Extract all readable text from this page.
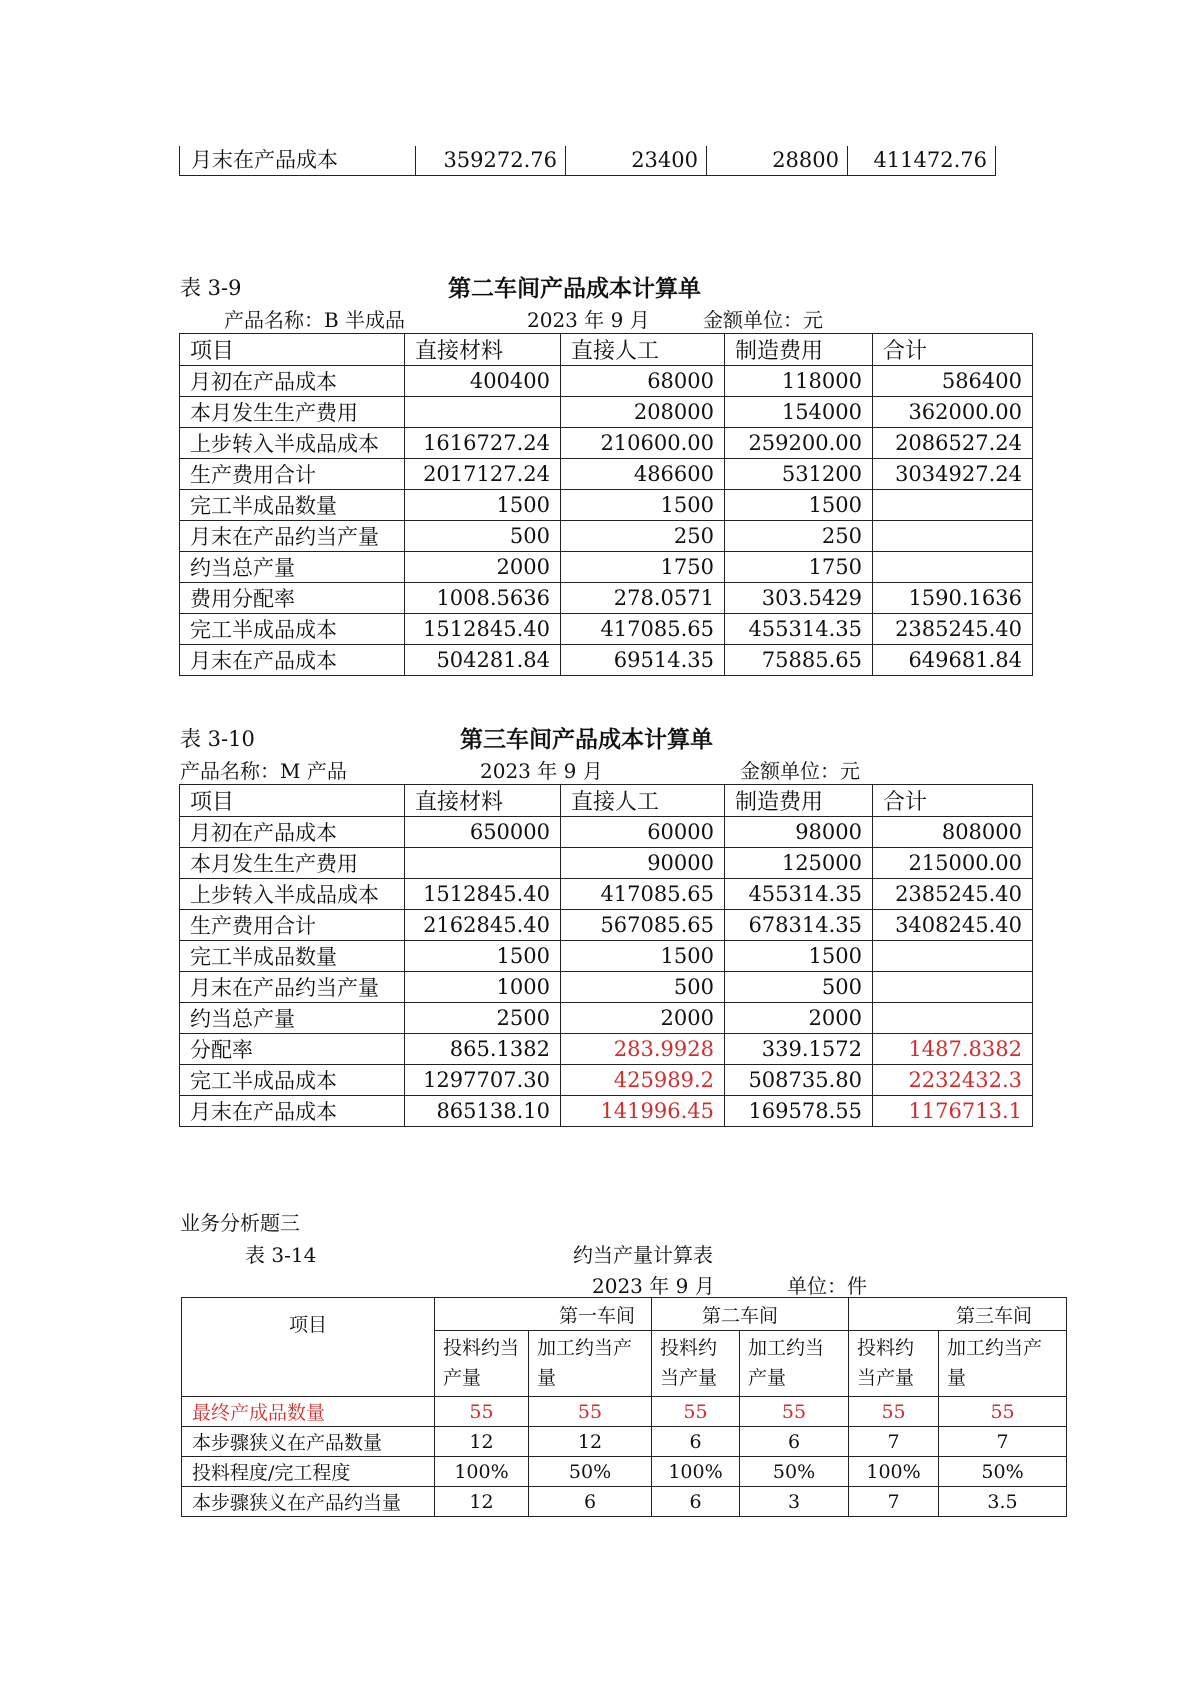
月末在产品成本	359272.76	23400	28800	411472.76
表 3-9	第二车间产品成本计算单
产品名称：B 半成品	2023 年 9 月	金额单位：元
项目	直接材料	直接人工	制造费用	合计
月初在产品成本	400400	68000	118000	586400
本月发生生产费用		208000	154000	362000.00
上步转入半成品成本	1616727.24	210600.00	259200.00	2086527.24
生产费用合计	2017127.24	486600	531200	3034927.24
完工半成品数量	1500	1500	1500	
月末在产品约当产量	500	250	250	
约当总产量	2000	1750	1750	
费用分配率	1008.5636	278.0571	303.5429	1590.1636
完工半成品成本	1512845.40	417085.65	455314.35	2385245.40
月末在产品成本	504281.84	69514.35	75885.65	649681.84
表 3-10	第三车间产品成本计算单
产品名称：M 产品	2023 年 9 月	金额单位：元
项目	直接材料	直接人工	制造费用	合计
月初在产品成本	650000	60000	98000	808000
本月发生生产费用		90000	125000	215000.00
上步转入半成品成本	1512845.40	417085.65	455314.35	2385245.40
生产费用合计	2162845.40	567085.65	678314.35	3408245.40
完工半成品数量	1500	1500	1500	
月末在产品约当产量	1000	500	500	
约当总产量	2500	2000	2000	
分配率	865.1382	283.9928	339.1572	1487.8382
完工半成品成本	1297707.30	425989.2	508735.80	2232432.3
月末在产品成本	865138.10	141996.45	169578.55	1176713.1
业务分析题三
表 3-14	约当产量计算表
2023 年 9 月	单位：件
项目	第一车间		第二车间		第三车间	
	投料约当产量	加工约当产量	投料约当产量	加工约当产量	投料约当产量	加工约当产量
最终产成品数量	55	55	55	55	55	55
本步骤狭义在产品数量	12	12	6	6	7	7
投料程度/完工程度	100%	50%	100%	50%	100%	50%
本步骤狭义在产品约当量	12	6	6	3	7	3.5
